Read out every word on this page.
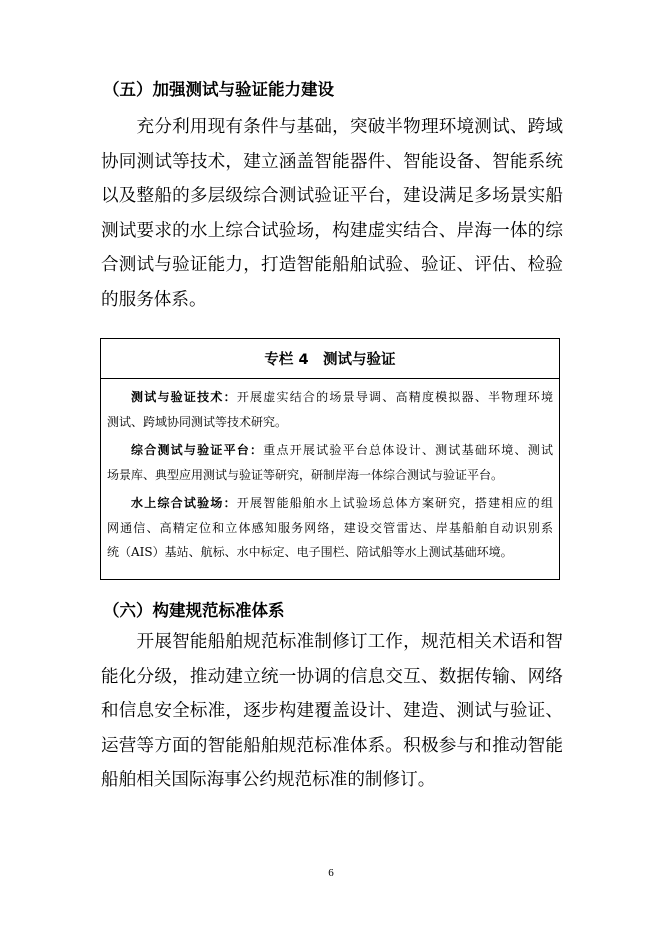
（五）加强测试与验证能力建设
　　充分利用现有条件与基础，突破半物理环境测试、跨域
协同测试等技术，建立涵盖智能器件、智能设备、智能系统
以及整船的多层级综合测试验证平台，建设满足多场景实船
测试要求的水上综合试验场，构建虚实结合、岸海一体的综
合测试与验证能力，打造智能船舶试验、验证、评估、检验
的服务体系。
专栏 4　测试与验证
测试与验证技术：开展虚实结合的场景导调、高精度模拟器、半物理环境
测试、跨域协同测试等技术研究。
综合测试与验证平台：重点开展试验平台总体设计、测试基础环境、测试
场景库、典型应用测试与验证等研究，研制岸海一体综合测试与验证平台。
水上综合试验场：开展智能船舶水上试验场总体方案研究，搭建相应的组
网通信、高精定位和立体感知服务网络，建设交管雷达、岸基船舶自动识别系
统（AIS）基站、航标、水中标定、电子围栏、陪试船等水上测试基础环境。
（六）构建规范标准体系
　　开展智能船舶规范标准制修订工作，规范相关术语和智
能化分级，推动建立统一协调的信息交互、数据传输、网络
和信息安全标准，逐步构建覆盖设计、建造、测试与验证、
运营等方面的智能船舶规范标准体系。积极参与和推动智能
船舶相关国际海事公约规范标准的制修订。
6
